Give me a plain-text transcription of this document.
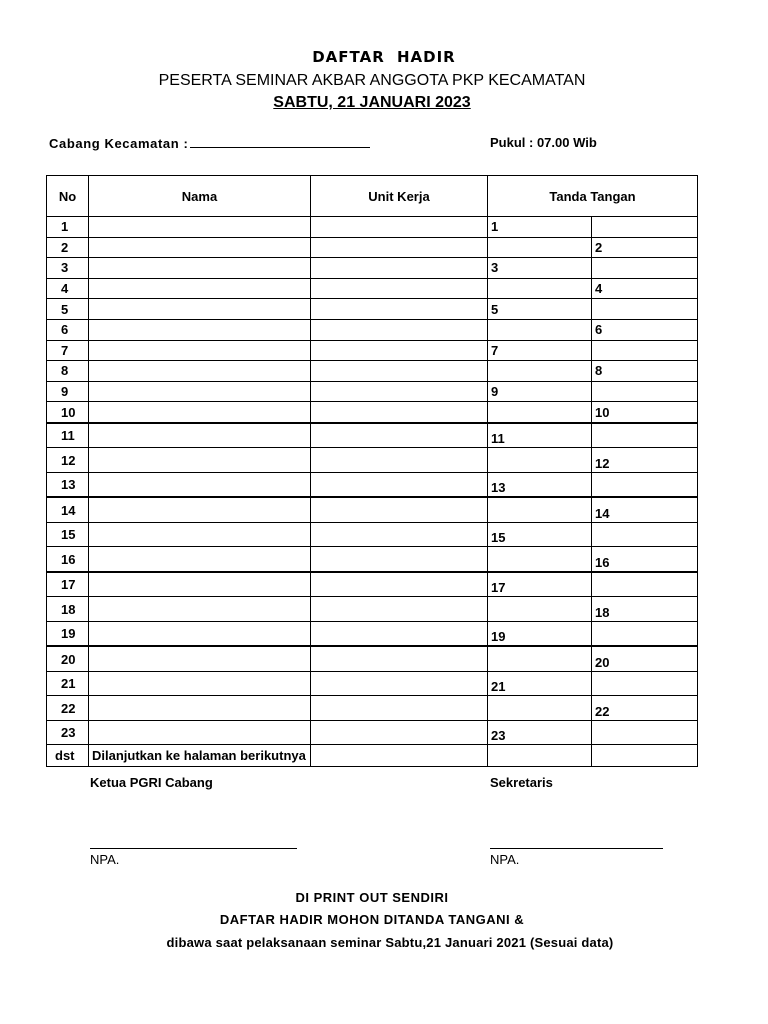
DAFTAR HADIR
PESERTA SEMINAR AKBAR ANGGOTA PKP KECAMATAN
SABTU, 21 JANUARI 2023
Cabang Kecamatan :	Pukul : 07.00 Wib
No	Nama	Unit Kerja	Tanda Tangan	
1			1	
2				2
3			3	
4				4
5			5	
6				6
7			7	
8				8
9			9	
10				10
11			11	
12				12
13			13	
14				14
15			15	
16				16
17			17	
18				18
19			19	
20				20
21			21	
22				22
23			23	
dst	Dilanjutkan ke halaman berikutnya			
Ketua PGRI Cabang	Sekretaris
NPA.	NPA.
DI PRINT OUT SENDIRI
DAFTAR HADIR MOHON DITANDA TANGANI &
dibawa saat pelaksanaan seminar Sabtu,21 Januari 2021 (Sesuai data)
